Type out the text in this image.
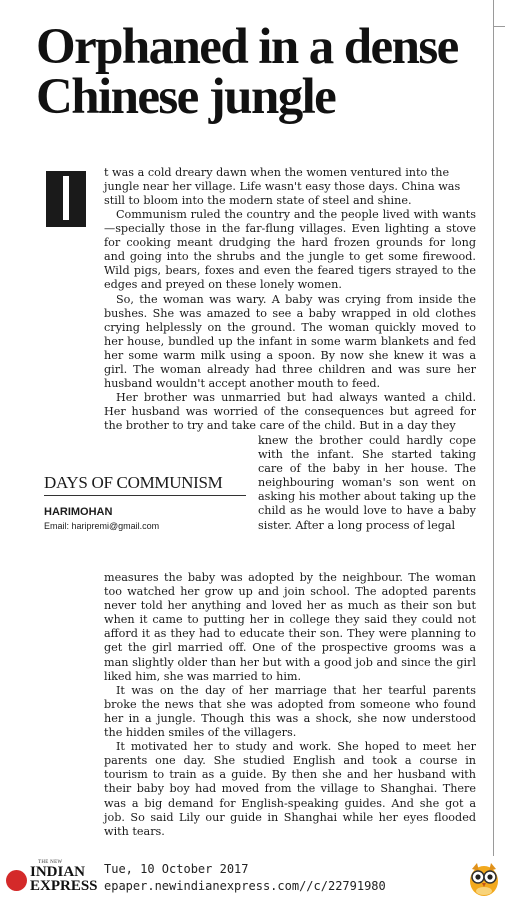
Orphaned in a dense
Chinese jungle

t was a cold dreary dawn when the women ventured into the

jungle near her village. Life wasn't easy those days. China was

still to bloom into the modern state of steel and shine.

Communism ruled the country and the people lived with wants—specially those in the far-flung villages. Even lighting a stove for cooking meant drudging the hard frozen grounds for long and going into the shrubs and the jungle to get some firewood. Wild pigs, bears, foxes and even the feared tigers strayed to the edges and preyed on these lonely women.

So, the woman was wary. A baby was crying from inside the bushes. She was amazed to see a baby wrapped in old clothes crying helplessly on the ground. The woman quickly moved to her house, bundled up the infant in some warm blankets and fed her some warm milk using a spoon. By now she knew it was a girl. The woman already had three children and was sure her husband wouldn't accept another mouth to feed.

Her brother was unmarried but had always wanted a child. Her husband was worried of the consequences but agreed for the brother to try and take care of the child. But in a day they

DAYS OF COMMUNISM
HARIMOHAN
Email: haripremi@gmail.com

knew the brother could hardly cope with the infant. She started taking care of the baby in her house. The neighbouring woman's son went on asking his mother about taking up the child as he would love to have a baby sister. After a long process of legal

measures the baby was adopted by the neighbour. The woman too watched her grow up and join school. The adopted parents never told her anything and loved her as much as their son but when it came to putting her in college they said they could not afford it as they had to educate their son. They were planning to get the girl married off. One of the prospective grooms was a man slightly older than her but with a good job and since the girl liked him, she was married to him.

It was on the day of her marriage that her tearful parents broke the news that she was adopted from someone who found her in a jungle. Though this was a shock, she now understood the hidden smiles of the villagers.

It motivated her to study and work. She hoped to meet her parents one day. She studied English and took a course in tourism to train as a guide. By then she and her husband with their baby boy had moved from the village to Shanghai. There was a big demand for English-speaking guides. And she got a job. So said Lily our guide in Shanghai while her eyes flooded with tears.

THE NEW
INDIAN
EXPRESS
Tue, 10 October 2017
epaper.newindianexpress.com//c/22791980
